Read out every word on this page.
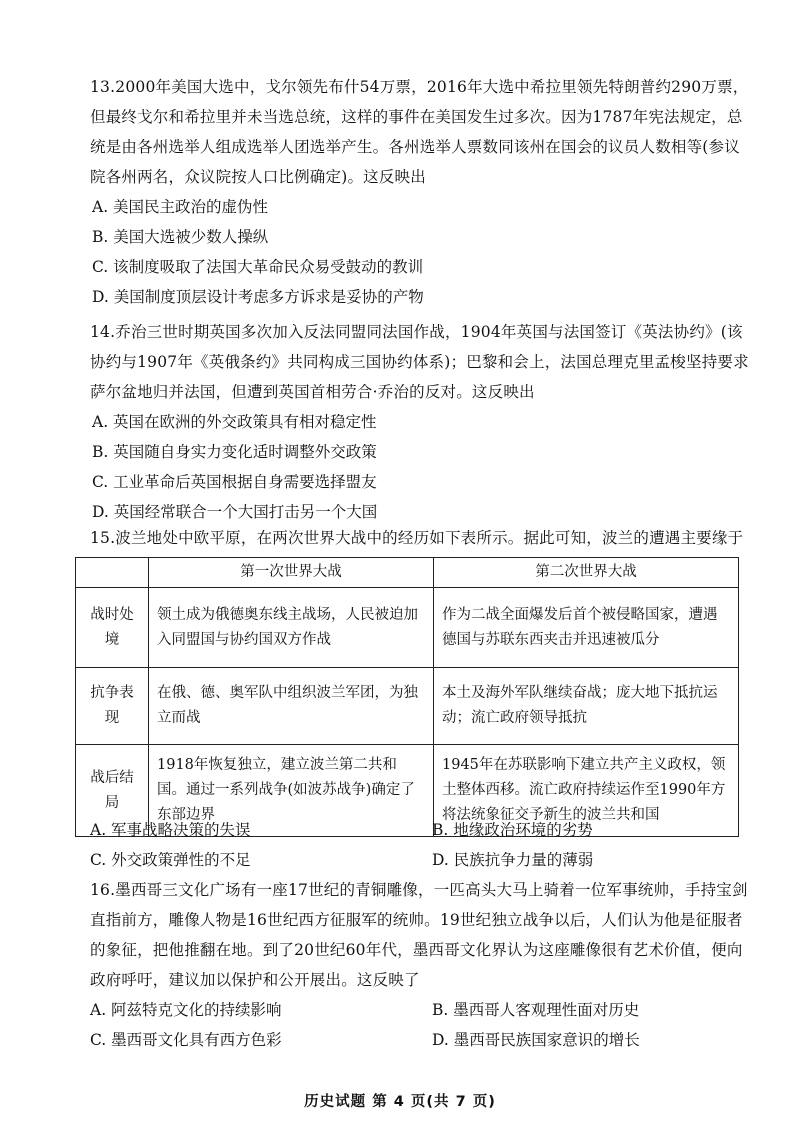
13.2000年美国大选中，戈尔领先布什54万票，2016年大选中希拉里领先特朗普约290万票，但最终戈尔和希拉里并未当选总统，这样的事件在美国发生过多次。因为1787年宪法规定，总统是由各州选举人组成选举人团选举产生。各州选举人票数同该州在国会的议员人数相等(参议院各州两名，众议院按人口比例确定)。这反映出

A. 美国民主政治的虚伪性

B. 美国大选被少数人操纵

C. 该制度吸取了法国大革命民众易受鼓动的教训

D. 美国制度顶层设计考虑多方诉求是妥协的产物

14.乔治三世时期英国多次加入反法同盟同法国作战，1904年英国与法国签订《英法协约》(该协约与1907年《英俄条约》共同构成三国协约体系)；巴黎和会上，法国总理克里孟梭坚持要求萨尔盆地归并法国，但遭到英国首相劳合·乔治的反对。这反映出

A. 英国在欧洲的外交政策具有相对稳定性

B. 英国随自身实力变化适时调整外交政策

C. 工业革命后英国根据自身需要选择盟友

D. 英国经常联合一个大国打击另一个大国

15.波兰地处中欧平原，在两次世界大战中的经历如下表所示。据此可知，波兰的遭遇主要缘于

	第一次世界大战	第二次世界大战
战时处境	领土成为俄德奥东线主战场，人民被迫加入同盟国与协约国双方作战	作为二战全面爆发后首个被侵略国家，遭遇德国与苏联东西夹击并迅速被瓜分
抗争表现	在俄、德、奥军队中组织波兰军团，为独立而战	本土及海外军队继续奋战；庞大地下抵抗运动；流亡政府领导抵抗
战后结局	1918年恢复独立，建立波兰第二共和国。通过一系列战争(如波苏战争)确定了东部边界	1945年在苏联影响下建立共产主义政权，领土整体西移。流亡政府持续运作至1990年方将法统象征交予新生的波兰共和国

A. 军事战略决策的失误	B. 地缘政治环境的劣势

C. 外交政策弹性的不足	D. 民族抗争力量的薄弱

16.墨西哥三文化广场有一座17世纪的青铜雕像，一匹高头大马上骑着一位军事统帅，手持宝剑直指前方，雕像人物是16世纪西方征服军的统帅。19世纪独立战争以后，人们认为他是征服者的象征，把他推翻在地。到了20世纪60年代，墨西哥文化界认为这座雕像很有艺术价值，便向政府呼吁，建议加以保护和公开展出。这反映了

A. 阿兹特克文化的持续影响	B. 墨西哥人客观理性面对历史

C. 墨西哥文化具有西方色彩	D. 墨西哥民族国家意识的增长

历史试题 第 4 页(共 7 页)
